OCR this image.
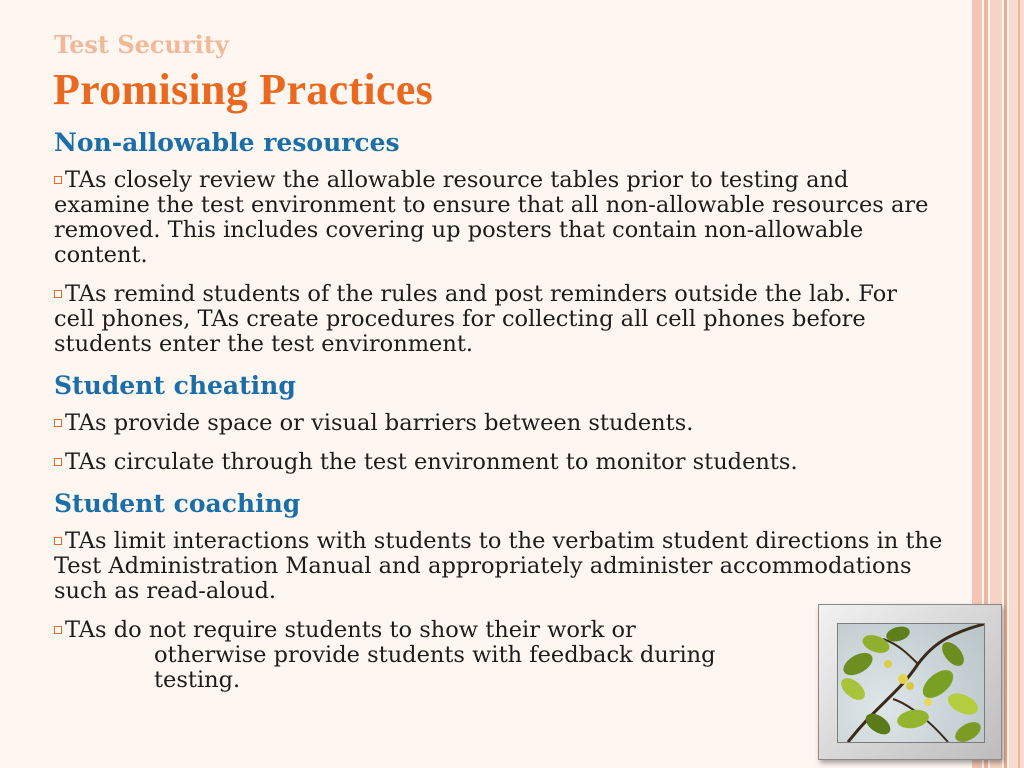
Test Security
Promising Practices
Non-allowable resources
TAs closely review the allowable resource tables prior to testing and examine the test environment to ensure that all non-allowable resources are removed. This includes covering up posters that contain non-allowable content.
TAs remind students of the rules and post reminders outside the lab. For cell phones, TAs create procedures for collecting all cell phones before students enter the test environment.
Student cheating
TAs provide space or visual barriers between students.
TAs circulate through the test environment to monitor students.
Student coaching
TAs limit interactions with students to the verbatim student directions in the Test Administration Manual and appropriately administer accommodations such as read-aloud.
TAs do not require students to show their work or
otherwise provide students with feedback during testing.
